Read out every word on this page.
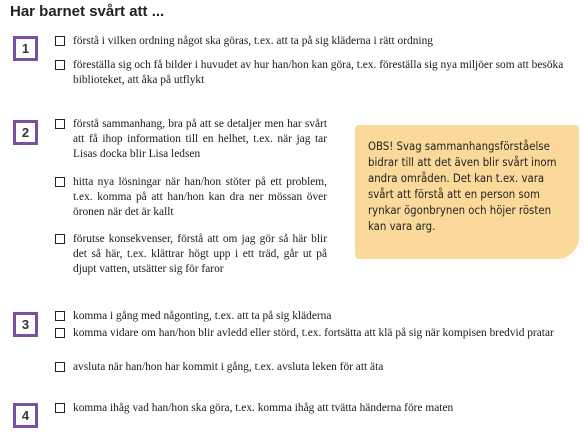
Har barnet svårt att ...
1	förstå i vilken ordning något ska göras, t.ex. att ta på sig kläderna i rätt ordning
föreställa sig och få bilder i huvudet av hur han/hon kan göra, t.ex. föreställa sig nya miljöer som att besöka biblioteket, att åka på utflykt
2
förstå sammanhang, bra på att se detaljer men har svårt att få ihop information till en helhet, t.ex. när jag tar Lisas docka blir Lisa ledsen
hitta nya lösningar när han/hon stöter på ett problem, t.ex. komma på att han/hon kan dra ner mössan över öronen när det är kallt
förutse konsekvenser, förstå att om jag gör så här blir det så här, t.ex. klättrar högt upp i ett träd, går ut på djupt vatten, utsätter sig för faror
OBS! Svag sammanhangsförståelse bidrar till att det även blir svårt inom andra områden. Det kan t.ex. vara svårt att förstå att en person som rynkar ögonbrynen och höjer rösten kan vara arg.
3
komma i gång med någonting, t.ex. att ta på sig kläderna
komma vidare om han/hon blir avledd eller störd, t.ex. fortsätta att klä på sig när kompisen bredvid pratar
avsluta när han/hon har kommit i gång, t.ex. avsluta leken för att äta
4	komma ihåg vad han/hon ska göra, t.ex. komma ihåg att tvätta händerna före maten
